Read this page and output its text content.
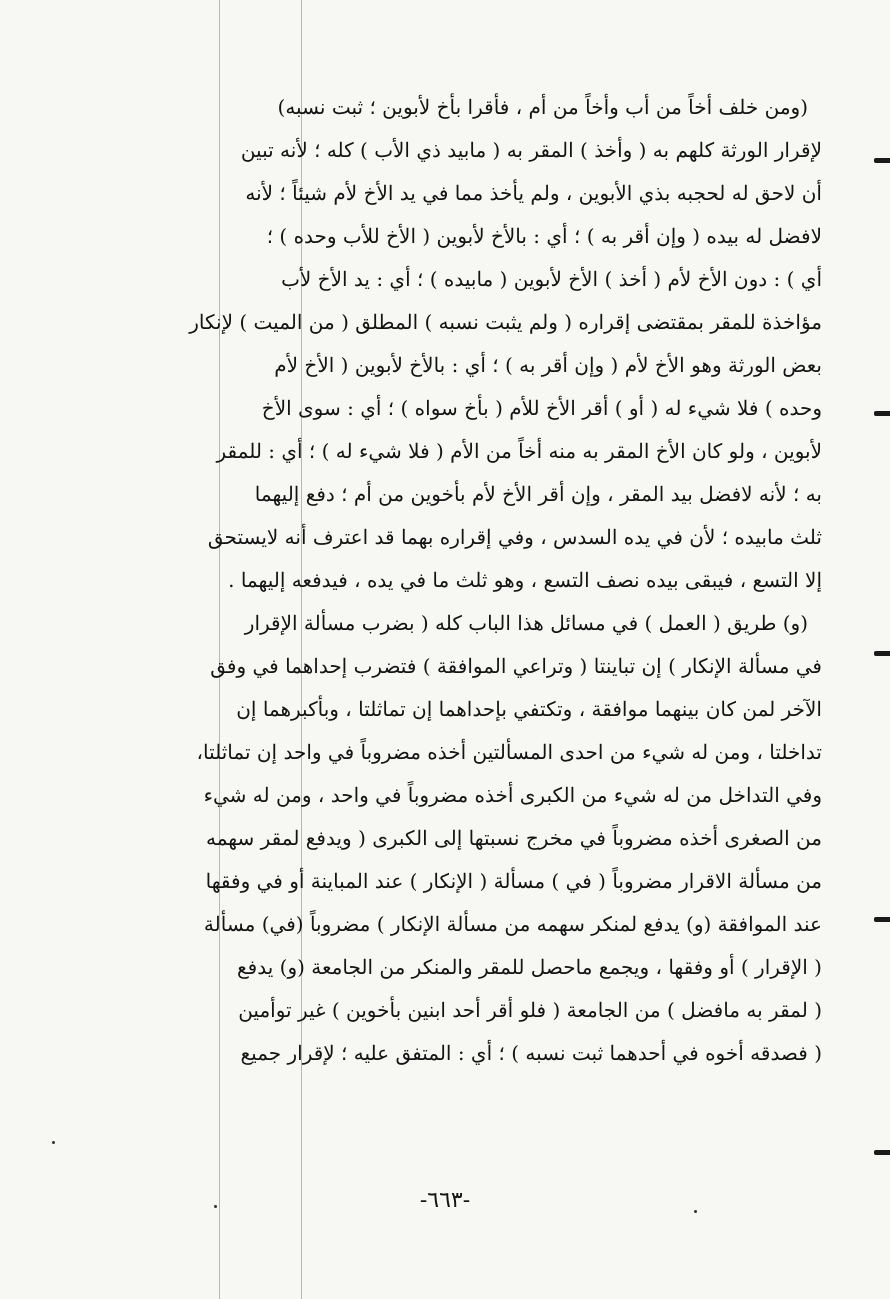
(ومن خلف أخاً من أب وأخاً من أم ، فأقرا بأخ لأبوين ؛ ثبت نسبه)
لإقرار الورثة كلهم به ( وأخذ ) المقر به ( مابيد ذي الأب ) كله ؛ لأنه تبين
أن لاحق له لحجبه بذي الأبوين ، ولم يأخذ مما في يد الأخ لأم شيئاً ؛ لأنه
لافضل له بيده ( وإن أقر به ) ؛ أي : بالأخ لأبوين ( الأخ للأب وحده ) ؛
أي ) : دون الأخ لأم ( أخذ ) الأخ لأبوين ( مابيده ) ؛ أي : يد الأخ لأب
مؤاخذة للمقر بمقتضى إقراره ( ولم يثبت نسبه ) المطلق ( من الميت ) لإنكار
بعض الورثة وهو الأخ لأم ( وإن أقر به ) ؛ أي : بالأخ لأبوين ( الأخ لأم
وحده ) فلا شيء له ( أو ) أقر الأخ للأم ( بأخ سواه ) ؛ أي : سوى الأخ
لأبوين ، ولو كان الأخ المقر به منه أخاً من الأم ( فلا شيء له ) ؛ أي : للمقر
به ؛ لأنه لافضل بيد المقر ، وإن أقر الأخ لأم بأخوين من أم ؛ دفع إليهما
ثلث مابيده ؛ لأن في يده السدس ، وفي إقراره بهما قد اعترف أنه لايستحق
إلا التسع ، فيبقى بيده نصف التسع ، وهو ثلث ما في يده ، فيدفعه إليهما .
(و) طريق ( العمل ) في مسائل هذا الباب كله ( بضرب مسألة الإقرار
في مسألة الإنكار ) إن تباينتا ( وتراعي الموافقة ) فتضرب إحداهما في وفق
الآخر لمن كان بينهما موافقة ، وتكتفي بإحداهما إن تماثلتا ، وبأكبرهما إن
تداخلتا ، ومن له شيء من احدى المسألتين أخذه مضروباً في واحد إن تماثلتا،
وفي التداخل من له شيء من الكبرى أخذه مضروباً في واحد ، ومن له شيء
من الصغرى أخذه مضروباً في مخرج نسبتها إلى الكبرى ( ويدفع لمقر سهمه
من مسألة الاقرار مضروباً ( في ) مسألة ( الإنكار ) عند المباينة أو في وفقها
عند الموافقة (و) يدفع لمنكر سهمه من مسألة الإنكار ) مضروباً (في) مسألة
( الإقرار ) أو وفقها ، ويجمع ماحصل للمقر والمنكر من الجامعة (و) يدفع
( لمقر به مافضل ) من الجامعة ( فلو أقر أحد ابنين بأخوين ) غير توأمين
( فصدقه أخوه في أحدهما ثبت نسبه ) ؛ أي : المتفق عليه ؛ لإقرار جميع
-٦٦٣-
